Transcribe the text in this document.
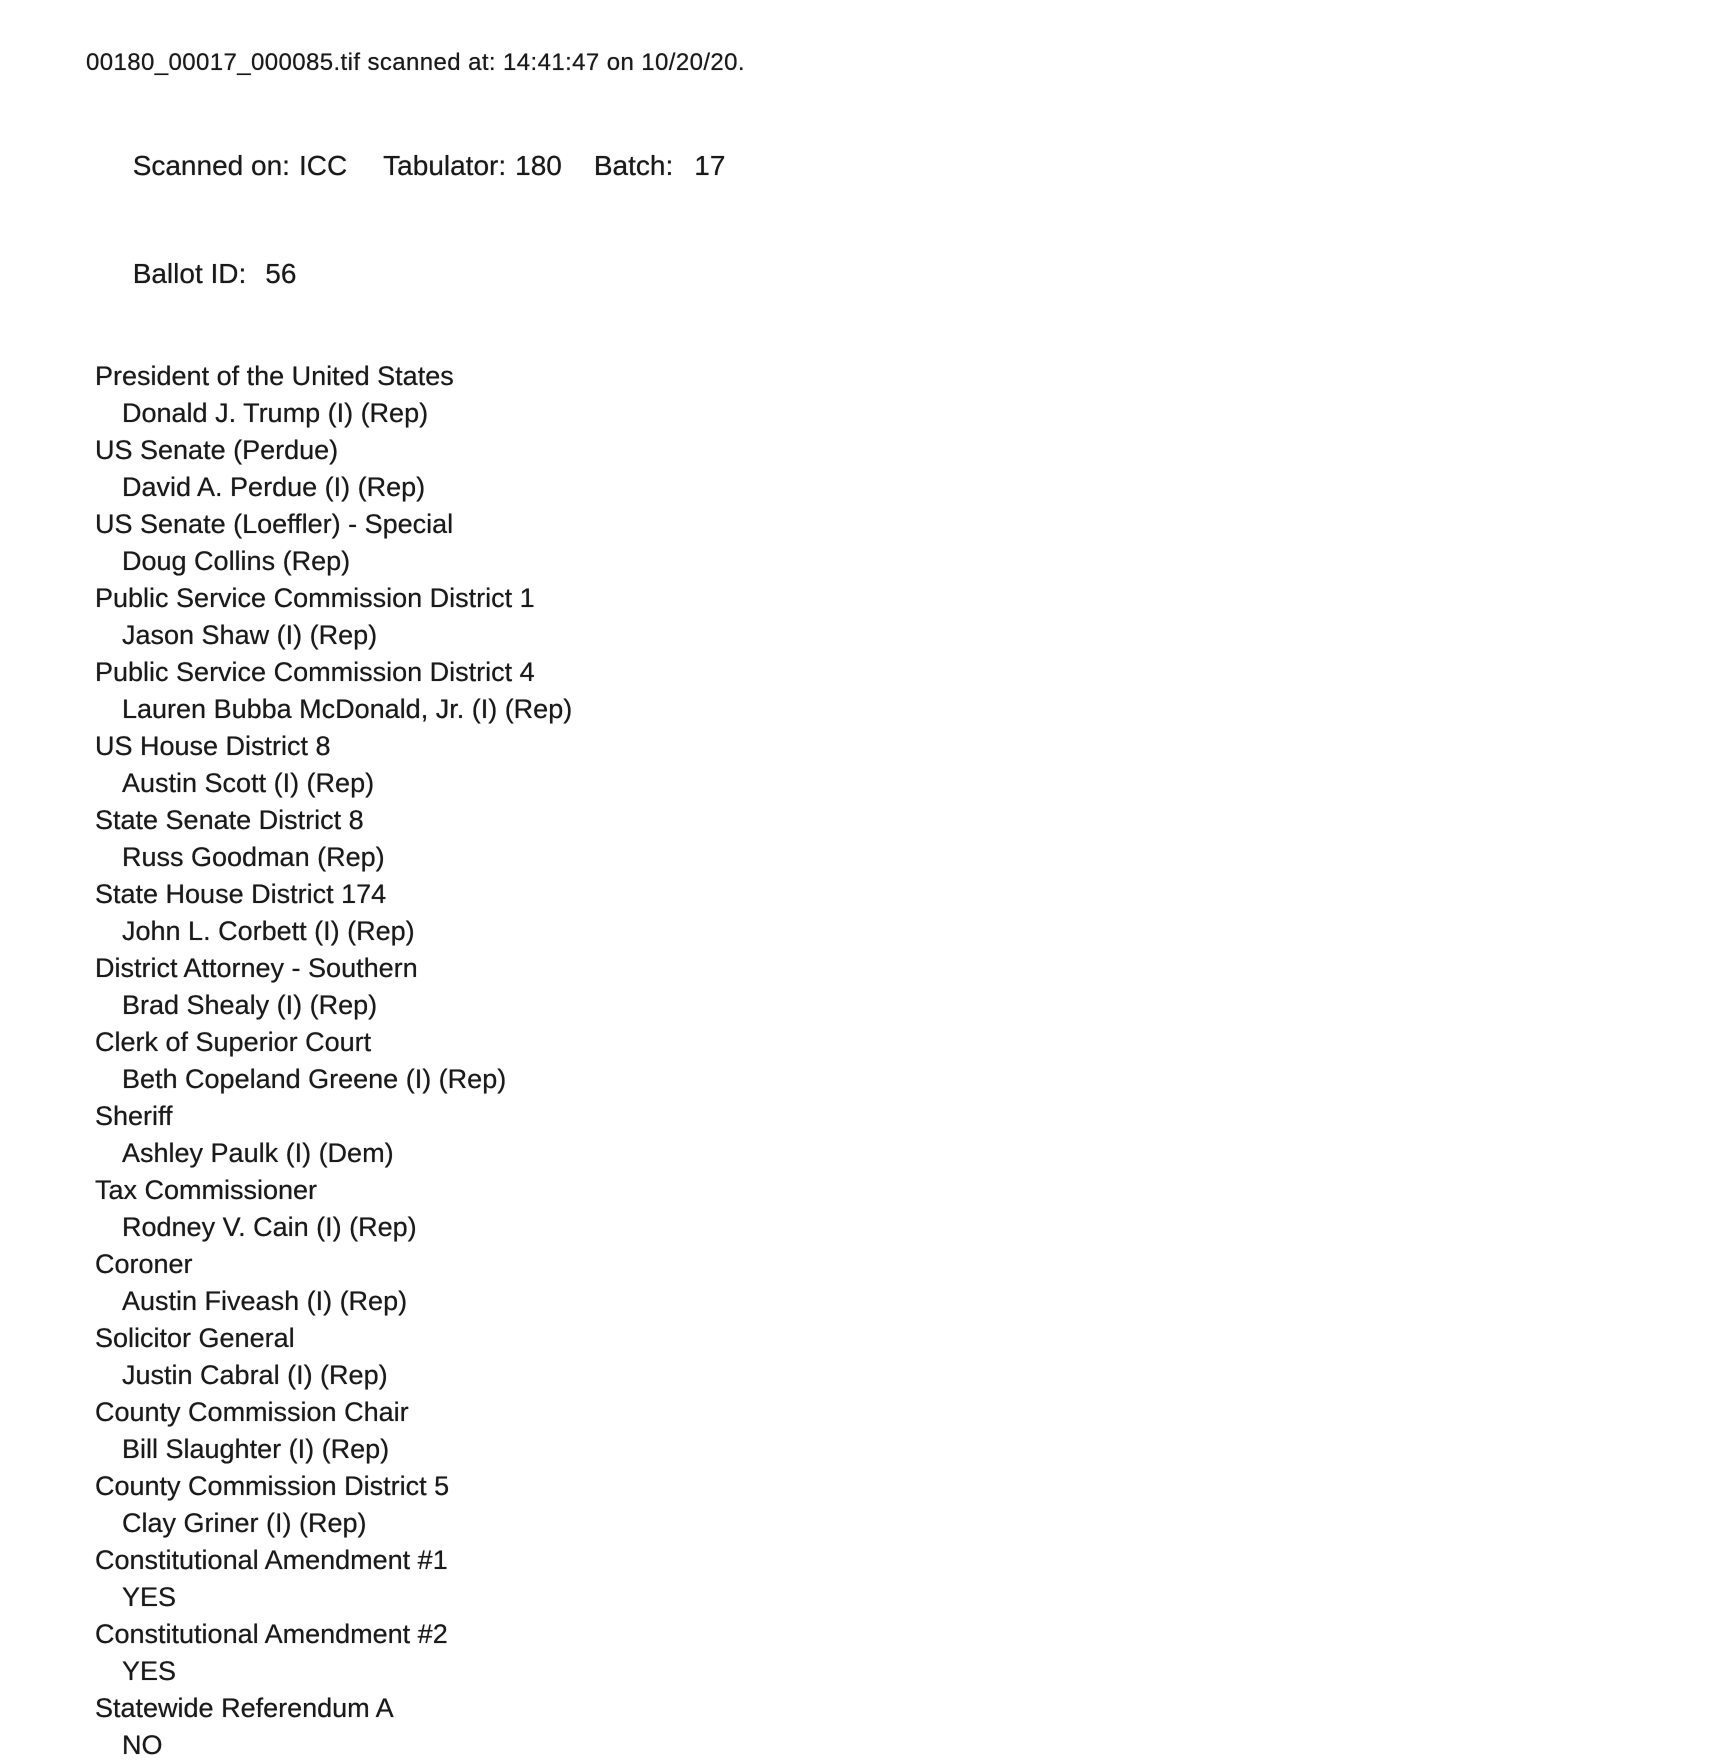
00180_00017_000085.tif scanned at: 14:41:47 on 10/20/20.

Scanned on: ICC Tabulator: 180 Batch: 17

Ballot ID: 56

President of the United States
Donald J. Trump (I) (Rep)
US Senate (Perdue)
David A. Perdue (I) (Rep)
US Senate (Loeffler) - Special
Doug Collins (Rep)
Public Service Commission District 1
Jason Shaw (I) (Rep)
Public Service Commission District 4
Lauren Bubba McDonald, Jr. (I) (Rep)
US House District 8
Austin Scott (I) (Rep)
State Senate District 8
Russ Goodman (Rep)
State House District 174
John L. Corbett (I) (Rep)
District Attorney - Southern
Brad Shealy (I) (Rep)
Clerk of Superior Court
Beth Copeland Greene (I) (Rep)
Sheriff
Ashley Paulk (I) (Dem)
Tax Commissioner
Rodney V. Cain (I) (Rep)
Coroner
Austin Fiveash (I) (Rep)
Solicitor General
Justin Cabral (I) (Rep)
County Commission Chair
Bill Slaughter (I) (Rep)
County Commission District 5
Clay Griner (I) (Rep)
Constitutional Amendment #1
YES
Constitutional Amendment #2
YES
Statewide Referendum A
NO
